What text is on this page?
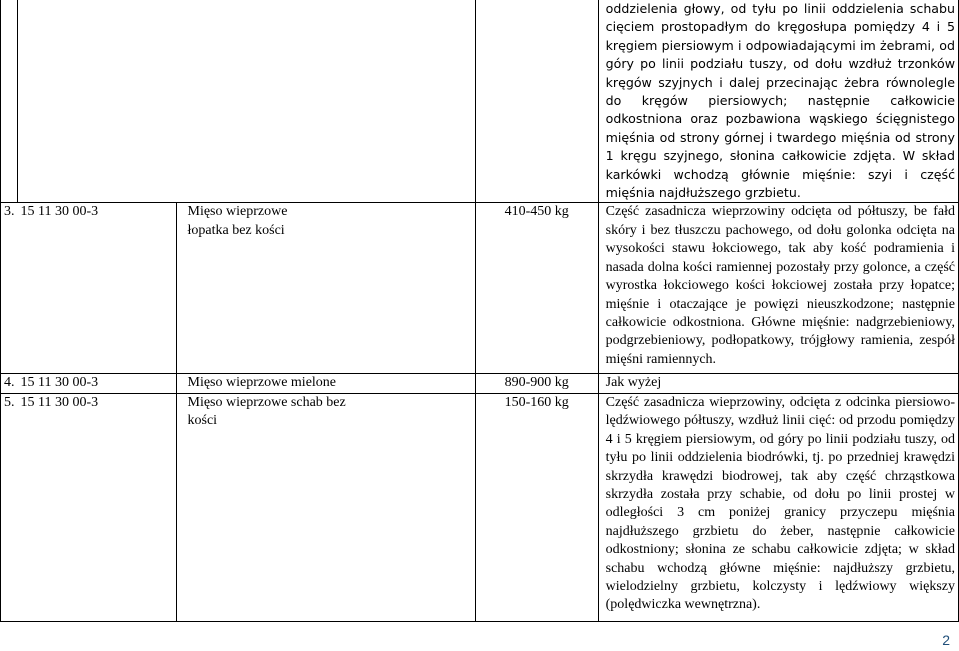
				oddzielenia głowy, od tyłu po linii oddzielenia schabu cięciem prostopadłym do kręgosłupa pomiędzy 4 i 5 kręgiem piersiowym i odpowiadającymi im żebrami, od góry po linii podziału tuszy, od dołu wzdłuż trzonków kręgów szyjnych i dalej przecinając żebra równolegle do kręgów piersiowych; następnie całkowicie odkostniona oraz pozbawiona wąskiego ścięgnistego mięśnia od strony górnej i twardego mięśnia od strony 1 kręgu szyjnego, słonina całkowicie zdjęta. W skład karkówki wchodzą głównie mięśnie: szyi i część mięśnia najdłuższego grzbietu.
3.	15 11 30 00-3	Mięso wieprzowe łopatka bez kości	410-450 kg	Część zasadnicza wieprzowiny odcięta od półtuszy, be fałd skóry i bez tłuszczu pachowego, od dołu golonka odcięta na wysokości stawu łokciowego, tak aby kość podramienia i nasada dolna kości ramiennej pozostały przy golonce, a część wyrostka łokciowego kości łokciowej została przy łopatce; mięśnie i otaczające je powięzi nieuszkodzone; następnie całkowicie odkostniona. Główne mięśnie: nadgrzebieniowy, podgrzebieniowy, podłopatkowy, trójgłowy ramienia, zespół mięśni ramiennych.
4.	15 11 30 00-3	Mięso wieprzowe mielone	890-900 kg	Jak wyżej
5.	15 11 30 00-3	Mięso wieprzowe schab bez kości	150-160 kg	Część zasadnicza wieprzowiny, odcięta z odcinka piersiowo-lędźwiowego półtuszy, wzdłuż linii cięć: od przodu pomiędzy 4 i 5 kręgiem piersiowym, od góry po linii podziału tuszy, od tyłu po linii oddzielenia biodrówki, tj. po przedniej krawędzi skrzydła krawędzi biodrowej, tak aby część chrząstkowa skrzydła została przy schabie, od dołu po linii prostej w odległości 3 cm poniżej granicy przyczepu mięśnia najdłuższego grzbietu do żeber, następnie całkowicie odkostniony; słonina ze schabu całkowicie zdjęta; w skład schabu wchodzą główne mięśnie: najdłuższy grzbietu, wielodzielny grzbietu, kolczysty i lędźwiowy większy (polędwiczka wewnętrzna).
2
